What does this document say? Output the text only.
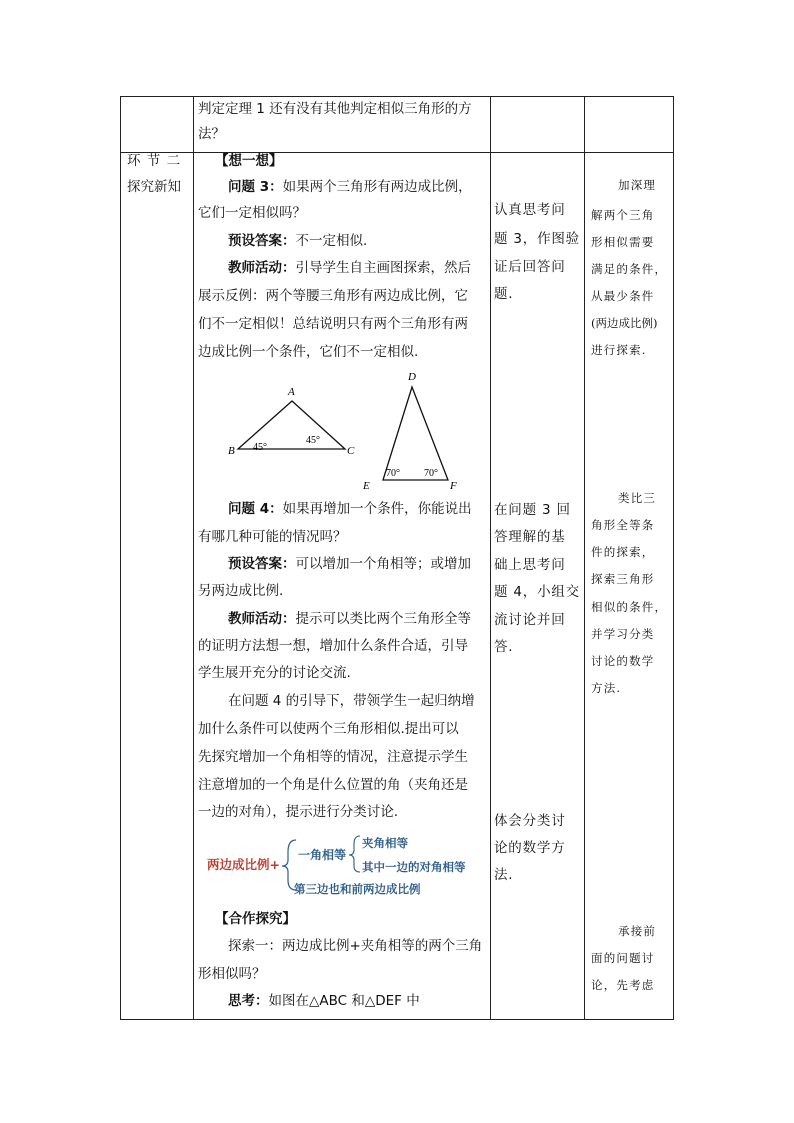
判定定理 1 还有没有其他判定相似三角形的方
法？
环 节 二
探究新知
【想一想】
问题 3：如果两个三角形有两边成比例，
它们一定相似吗？
预设答案：不一定相似.
教师活动：引导学生自主画图探索，然后
展示反例：两个等腰三角形有两边成比例，它
们不一定相似！总结说明只有两个三角形有两
边成比例一个条件，它们不一定相似.
A
B	C
45°
45°
D
E	F
70° 70°
问题 4：如果再增加一个条件，你能说出
有哪几种可能的情况吗？
预设答案：可以增加一个角相等；或增加
另两边成比例.
教师活动：提示可以类比两个三角形全等
的证明方法想一想，增加什么条件合适，引导
学生展开充分的讨论交流.
在问题 4 的引导下，带领学生一起归纳增
加什么条件可以使两个三角形相似.提出可以
先探究增加一个角相等的情况，注意提示学生
注意增加的一个角是什么位置的角（夹角还是
一边的对角），提示进行分类讨论.
两边成比例+
一角相等
夹角相等
其中一边的对角相等
第三边也和前两边成比例
【合作探究】
探索一：两边成比例+夹角相等的两个三角
形相似吗？
思考：如图在△ABC 和△DEF 中
认真思考问
题 3，作图验
证后回答问
题.
在问题 3 回
答理解的基
础上思考问
题 4，小组交
流讨论并回
答.
体会分类讨
论的数学方
法.
加深理
解两个三角
形相似需要
满足的条件，
从最少条件
(两边成比例)
进行探索.
类比三
角形全等条
件的探索，
探索三角形
相似的条件，
并学习分类
讨论的数学
方法.
承接前
面的问题讨
论，先考虑
